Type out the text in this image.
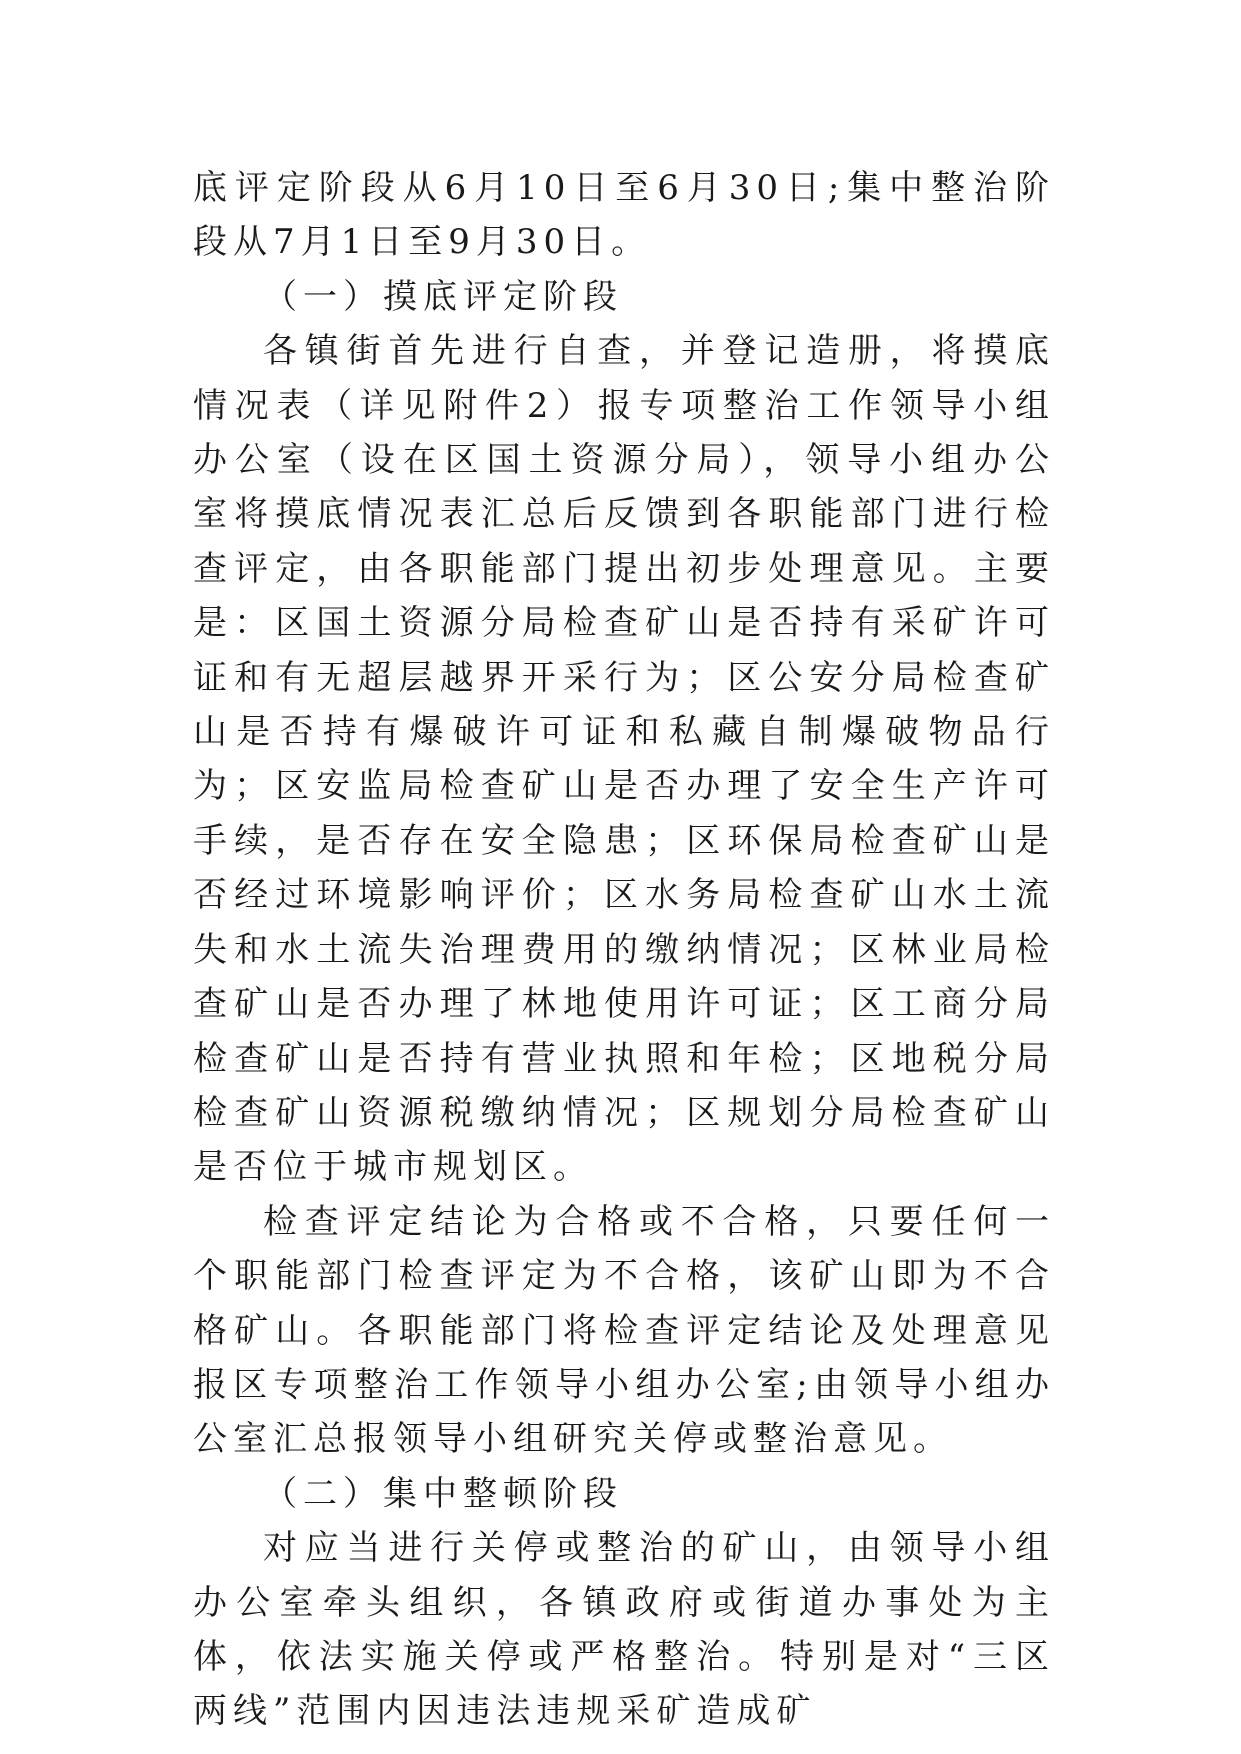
底评定阶段从6月10日至6月30日;集中整治阶段从7月1日至9月30日。

（一）摸底评定阶段

各镇街首先进行自查，并登记造册，将摸底情况表（详见附件2）报专项整治工作领导小组办公室（设在区国土资源分局），领导小组办公室将摸底情况表汇总后反馈到各职能部门进行检查评定，由各职能部门提出初步处理意见。主要是：区国土资源分局检查矿山是否持有采矿许可证和有无超层越界开采行为；区公安分局检查矿山是否持有爆破许可证和私藏自制爆破物品行为；区安监局检查矿山是否办理了安全生产许可手续，是否存在安全隐患；区环保局检查矿山是否经过环境影响评价；区水务局检查矿山水土流失和水土流失治理费用的缴纳情况；区林业局检查矿山是否办理了林地使用许可证；区工商分局检查矿山是否持有营业执照和年检；区地税分局检查矿山资源税缴纳情况；区规划分局检查矿山是否位于城市规划区。

检查评定结论为合格或不合格，只要任何一个职能部门检查评定为不合格，该矿山即为不合格矿山。各职能部门将检查评定结论及处理意见报区专项整治工作领导小组办公室;由领导小组办公室汇总报领导小组研究关停或整治意见。

（二）集中整顿阶段

对应当进行关停或整治的矿山，由领导小组办公室牵头组织，各镇政府或街道办事处为主体，依法实施关停或严格整治。特别是对“三区两线”范围内因违法违规采矿造成矿
